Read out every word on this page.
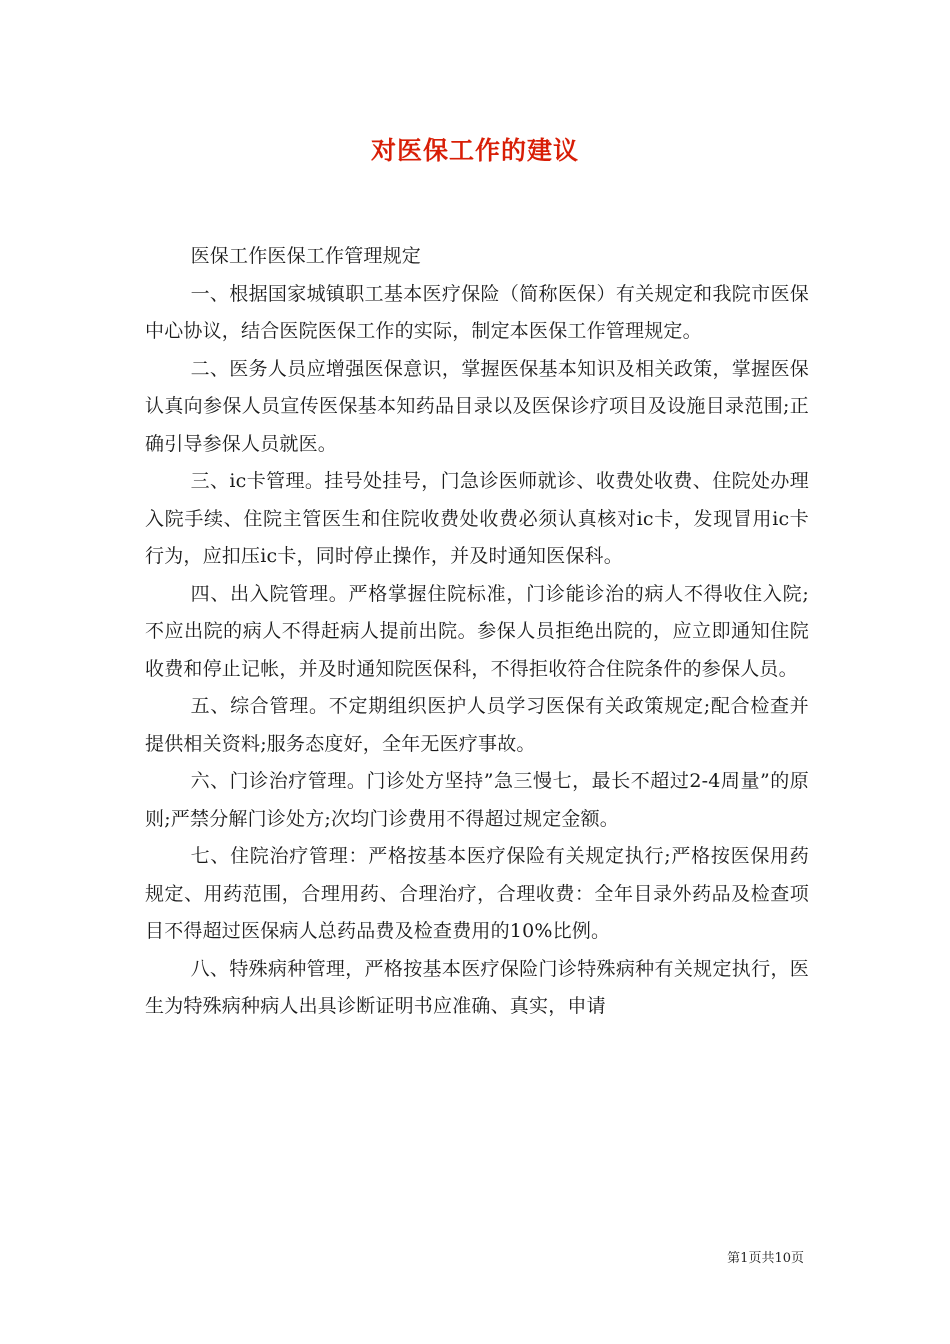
对医保工作的建议

医保工作医保工作管理规定

一、根据国家城镇职工基本医疗保险（简称医保）有关规定和我院市医保中心协议，结合医院医保工作的实际，制定本医保工作管理规定。

二、医务人员应增强医保意识，掌握医保基本知识及相关政策，掌握医保认真向参保人员宣传医保基本知药品目录以及医保诊疗项目及设施目录范围;正确引导参保人员就医。

三、ic卡管理。挂号处挂号，门急诊医师就诊、收费处收费、住院处办理入院手续、住院主管医生和住院收费处收费必须认真核对ic卡，发现冒用ic卡行为，应扣压ic卡，同时停止操作，并及时通知医保科。

四、出入院管理。严格掌握住院标准，门诊能诊治的病人不得收住入院;不应出院的病人不得赶病人提前出院。参保人员拒绝出院的，应立即通知住院收费和停止记帐，并及时通知院医保科，不得拒收符合住院条件的参保人员。

五、综合管理。不定期组织医护人员学习医保有关政策规定;配合检查并提供相关资料;服务态度好，全年无医疗事故。

六、门诊治疗管理。门诊处方坚持”急三慢七，最长不超过2-4周量”的原则;严禁分解门诊处方;次均门诊费用不得超过规定金额。

七、住院治疗管理：严格按基本医疗保险有关规定执行;严格按医保用药规定、用药范围，合理用药、合理治疗，合理收费：全年目录外药品及检查项目不得超过医保病人总药品费及检查费用的10%比例。

八、特殊病种管理，严格按基本医疗保险门诊特殊病种有关规定执行，医生为特殊病种病人出具诊断证明书应准确、真实，申请

第1页共10页
